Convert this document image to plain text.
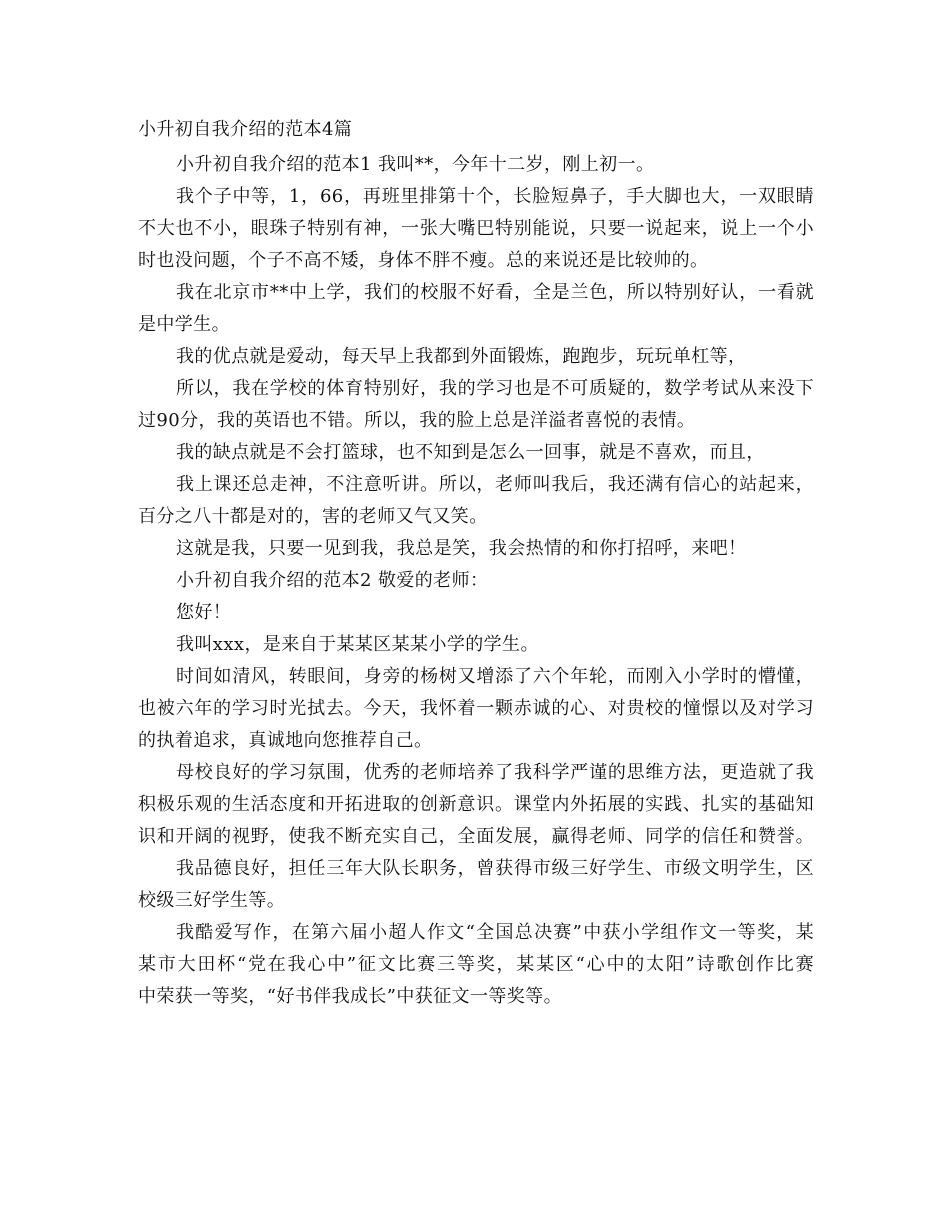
小升初自我介绍的范本4篇
小升初自我介绍的范本1 我叫**，今年十二岁，刚上初一。
我个子中等，1，66，再班里排第十个，长脸短鼻子，手大脚也大，一双眼睛
不大也不小，眼珠子特别有神，一张大嘴巴特别能说，只要一说起来，说上一个小
时也没问题，个子不高不矮，身体不胖不瘦。总的来说还是比较帅的。
我在北京市**中上学，我们的校服不好看，全是兰色，所以特别好认，一看就
是中学生。
我的优点就是爱动，每天早上我都到外面锻炼，跑跑步，玩玩单杠等，
所以，我在学校的体育特别好，我的学习也是不可质疑的，数学考试从来没下
过90分，我的英语也不错。所以，我的脸上总是洋溢者喜悦的表情。
我的缺点就是不会打篮球，也不知到是怎么一回事，就是不喜欢，而且，
我上课还总走神，不注意听讲。所以，老师叫我后，我还满有信心的站起来，
百分之八十都是对的，害的老师又气又笑。
这就是我，只要一见到我，我总是笑，我会热情的和你打招呼，来吧！
小升初自我介绍的范本2 敬爱的老师：
您好！
我叫xxx，是来自于某某区某某小学的学生。
时间如清风，转眼间，身旁的杨树又增添了六个年轮，而刚入小学时的懵懂，
也被六年的学习时光拭去。今天，我怀着一颗赤诚的心、对贵校的憧憬以及对学习
的执着追求，真诚地向您推荐自己。
母校良好的学习氛围，优秀的老师培养了我科学严谨的思维方法，更造就了我
积极乐观的生活态度和开拓进取的创新意识。课堂内外拓展的实践、扎实的基础知
识和开阔的视野，使我不断充实自己，全面发展，赢得老师、同学的信任和赞誉。
我品德良好，担任三年大队长职务，曾获得市级三好学生、市级文明学生，区
校级三好学生等。
我酷爱写作，在第六届小超人作文“全国总决赛”中获小学组作文一等奖，某
某市大田杯“党在我心中”征文比赛三等奖，某某区“心中的太阳”诗歌创作比赛
中荣获一等奖，“好书伴我成长”中获征文一等奖等。
